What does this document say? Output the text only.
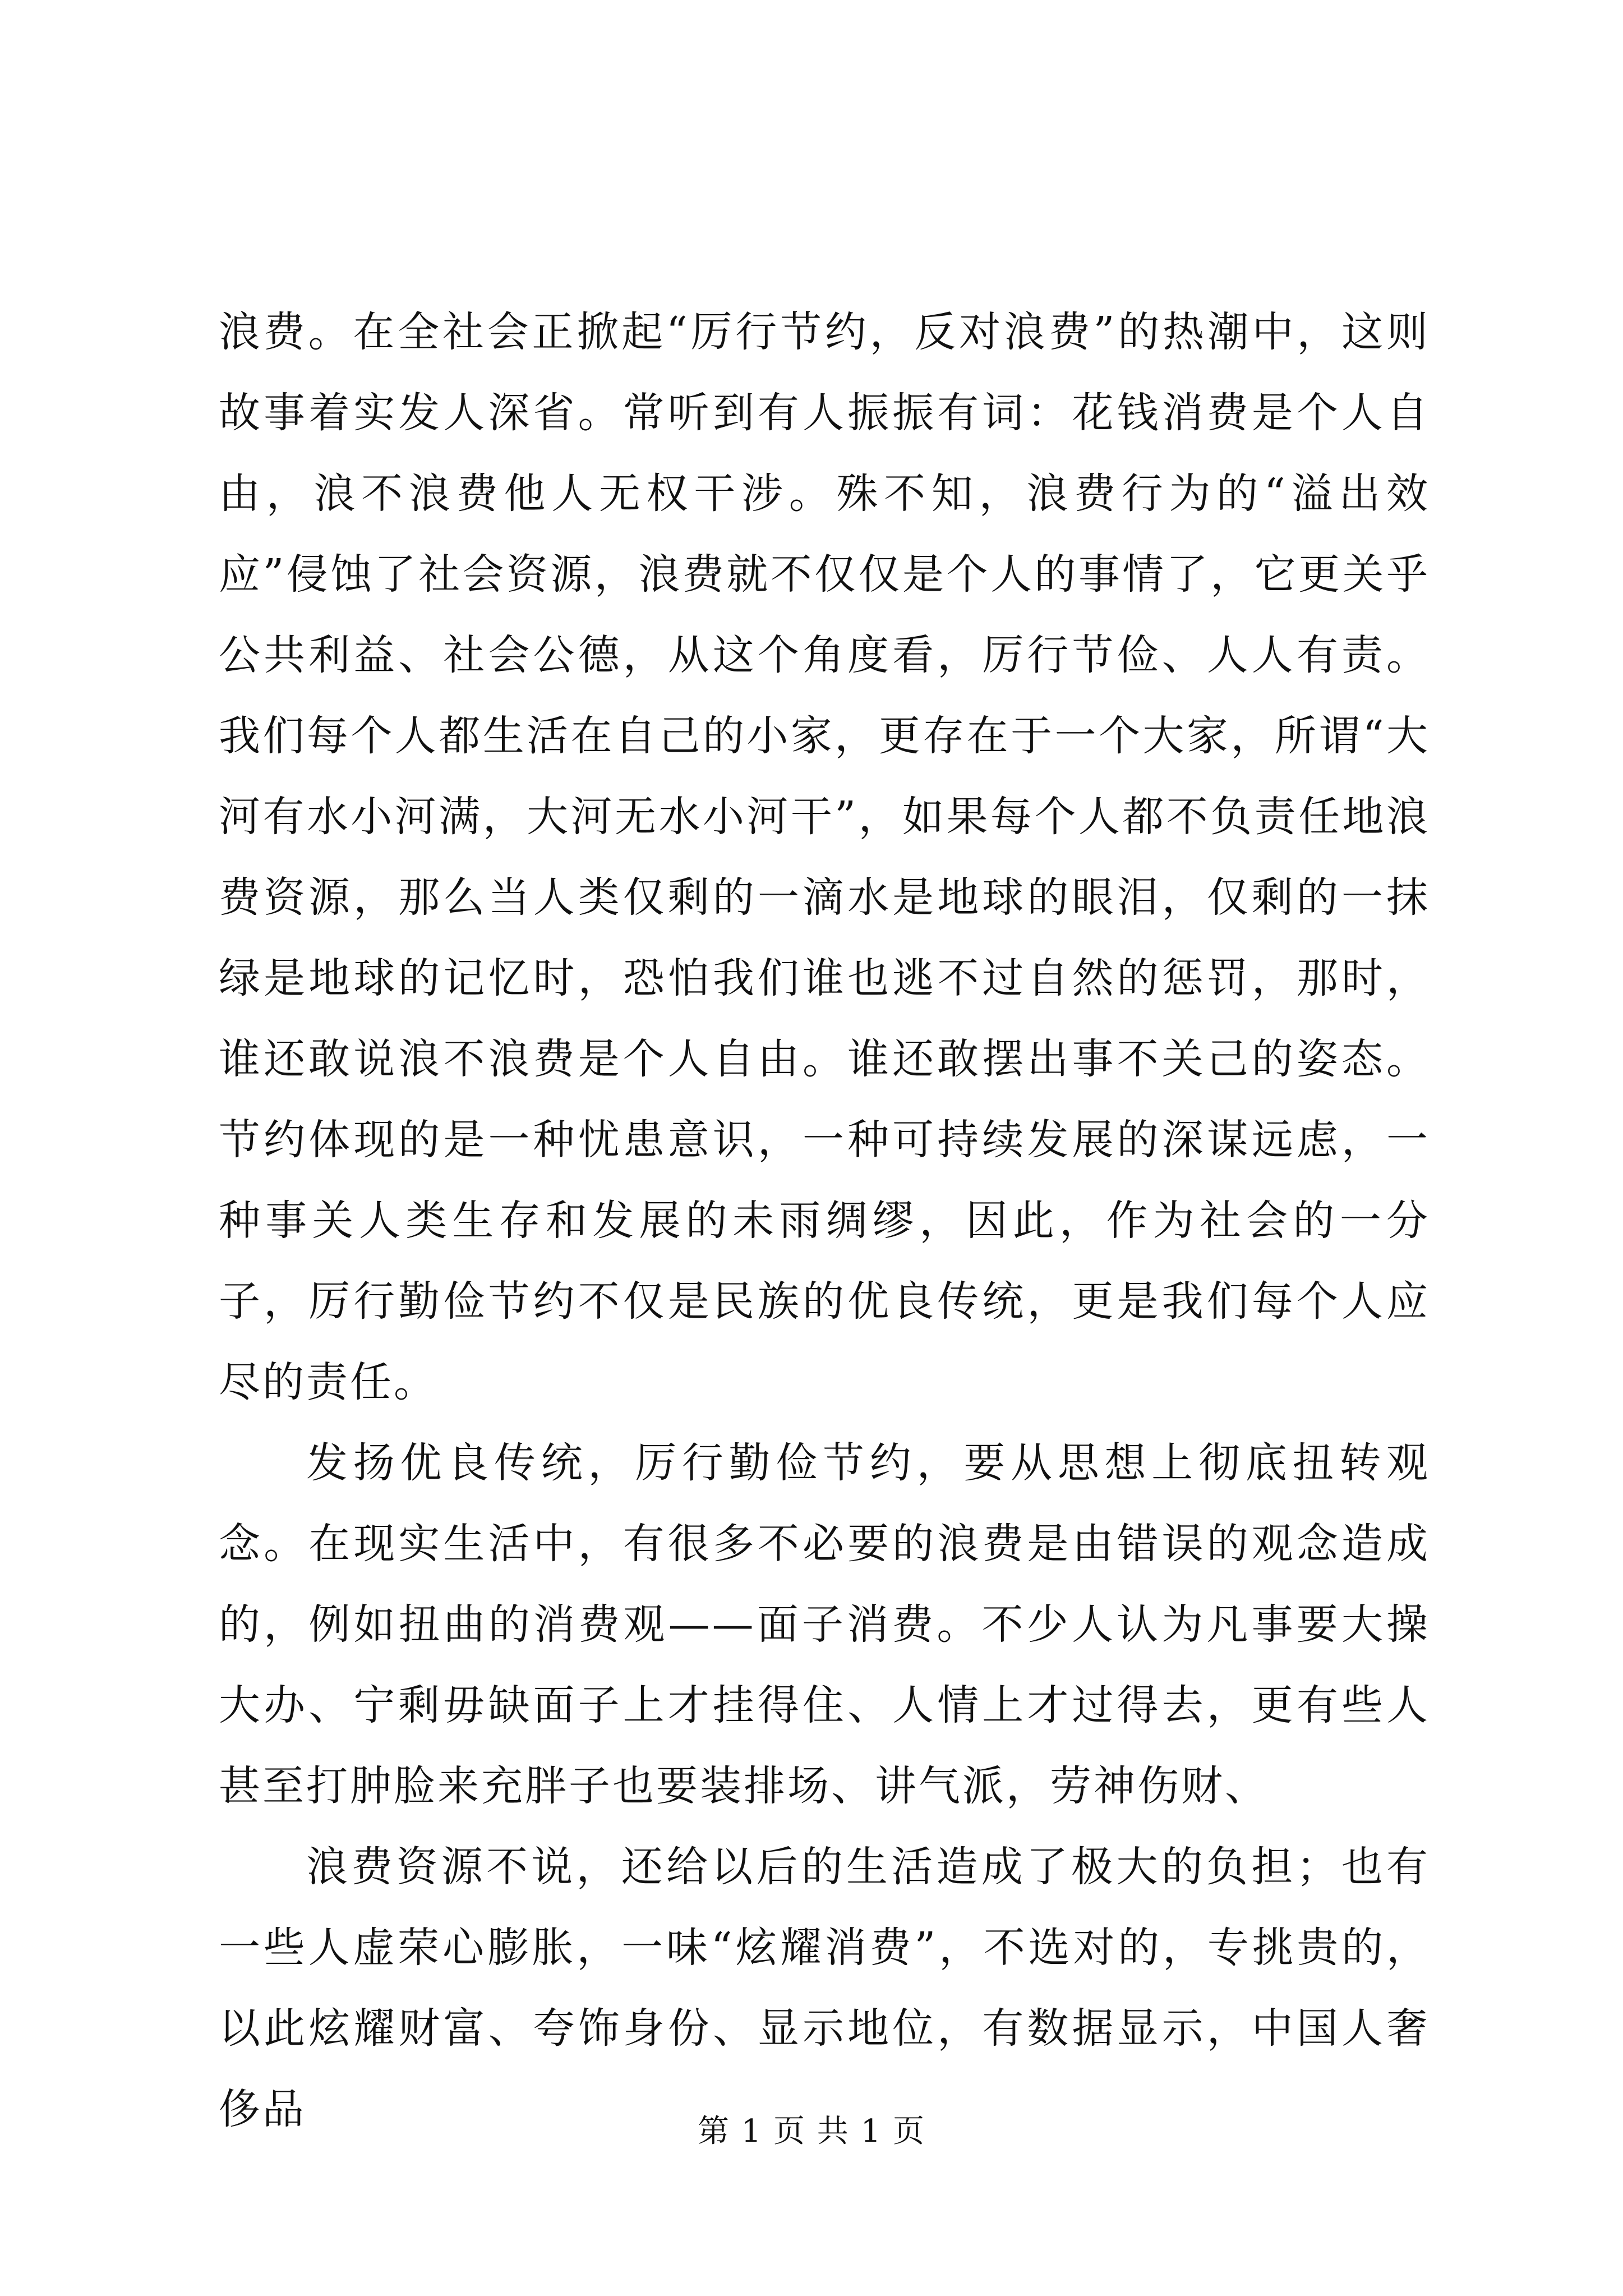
浪费。在全社会正掀起“厉行节约，反对浪费”的热潮中，这则故事着实发人深省。常听到有人振振有词：花钱消费是个人自由，浪不浪费他人无权干涉。殊不知，浪费行为的“溢出效应”侵蚀了社会资源，浪费就不仅仅是个人的事情了，它更关乎公共利益、社会公德，从这个角度看，厉行节俭、人人有责。我们每个人都生活在自己的小家，更存在于一个大家，所谓“大河有水小河满，大河无水小河干”，如果每个人都不负责任地浪费资源，那么当人类仅剩的一滴水是地球的眼泪，仅剩的一抹绿是地球的记忆时，恐怕我们谁也逃不过自然的惩罚，那时，谁还敢说浪不浪费是个人自由。谁还敢摆出事不关己的姿态。节约体现的是一种忧患意识，一种可持续发展的深谋远虑，一种事关人类生存和发展的未雨绸缪，因此，作为社会的一分子，厉行勤俭节约不仅是民族的优良传统，更是我们每个人应尽的责任。

发扬优良传统，厉行勤俭节约，要从思想上彻底扭转观念。在现实生活中，有很多不必要的浪费是由错误的观念造成的，例如扭曲的消费观——面子消费。不少人认为凡事要大操大办、宁剩毋缺面子上才挂得住、人情上才过得去，更有些人甚至打肿脸来充胖子也要装排场、讲气派，劳神伤财、

浪费资源不说，还给以后的生活造成了极大的负担；也有一些人虚荣心膨胀，一味“炫耀消费”，不选对的，专挑贵的，以此炫耀财富、夸饰身份、显示地位，有数据显示，中国人奢侈品	第 1 页 共 1 页
